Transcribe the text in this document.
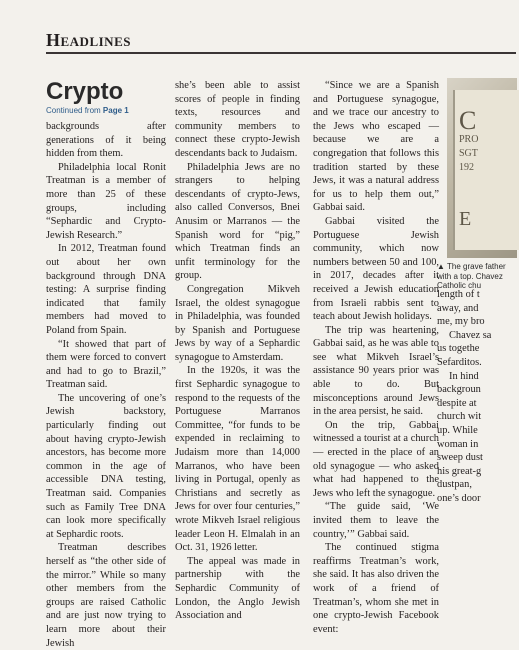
Headlines
Crypto
Continued from Page 1

backgrounds after generations of it being hidden from them.

Philadelphia local Ronit Treatman is a member of more than 25 of these groups, including “Sephardic and Crypto-Jewish Research.”

In 2012, Treatman found out about her own background through DNA testing: A surprise finding indicated that family members had moved to Poland from Spain.

“It showed that part of them were forced to convert and had to go to Brazil,” Treatman said.

The uncovering of one’s Jewish backstory, particularly finding out about having crypto-Jewish ancestors, has become more common in the age of accessible DNA testing, Treatman said. Companies such as Family Tree DNA can look more specifically at Sephardic roots.

Treatman describes herself as “the other side of the mirror.” While so many other members from the groups are raised Catholic and are just now trying to learn more about their Jewish

she’s been able to assist scores of people in finding texts, resources and community members to connect these crypto-Jewish descendants back to Judaism.

Philadelphia Jews are no strangers to helping descendants of crypto-Jews, also called Conversos, Bnei Anusim or Marranos — the Spanish word for “pig,” which Treatman finds an unfit terminology for the group.

Congregation Mikveh Israel, the oldest synagogue in Philadelphia, was founded by Spanish and Portuguese Jews by way of a Sephardic synagogue to Amsterdam.

In the 1920s, it was the first Sephardic synagogue to respond to the requests of the Portuguese Marranos Committee, “for funds to be expended in reclaiming to Judaism more than 14,000 Marranos, who have been living in Portugal, openly as Christians and secretly as Jews for over four centuries,” wrote Mikveh Israel religious leader Leon H. Elmalah in an Oct. 31, 1926 letter.

The appeal was made in partnership with the Sephardic Community of London, the Anglo Jewish Association and

“Since we are a Spanish and Portuguese synagogue, and we trace our ancestry to the Jews who escaped — because we are a congregation that follows this tradition started by these Jews, it was a natural address for us to help them out,” Gabbai said.

Gabbai visited the Portuguese Jewish community, which now numbers between 50 and 100, in 2017, decades after it received a Jewish education from Israeli rabbis sent to teach about Jewish holidays.

The trip was heartening, Gabbai said, as he was able to see what Mikveh Israel’s assistance 90 years prior was able to do. But misconceptions around Jews in the area persist, he said.

On the trip, Gabbai witnessed a tourist at a church — erected in the place of an old synagogue — who asked what had happened to the Jews who left the synagogue.

“The guide said, ‘We invited them to leave the country,’” Gabbai said.

The continued stigma reaffirms Treatman’s work, she said. It has also driven the work of a friend of Treatman’s, whom she met in one crypto-Jewish Facebook event:

C
PRO
SGT
192
E
▲ The grave father with a top. Chavez Catholic chu

length of t

away, and

me, my bro

Chavez sa

us togethe

Sefarditos.

In hind

backgroun

despite at

church wit

up. While

woman in

sweep dust

his great-g

dustpan,

one’s door
